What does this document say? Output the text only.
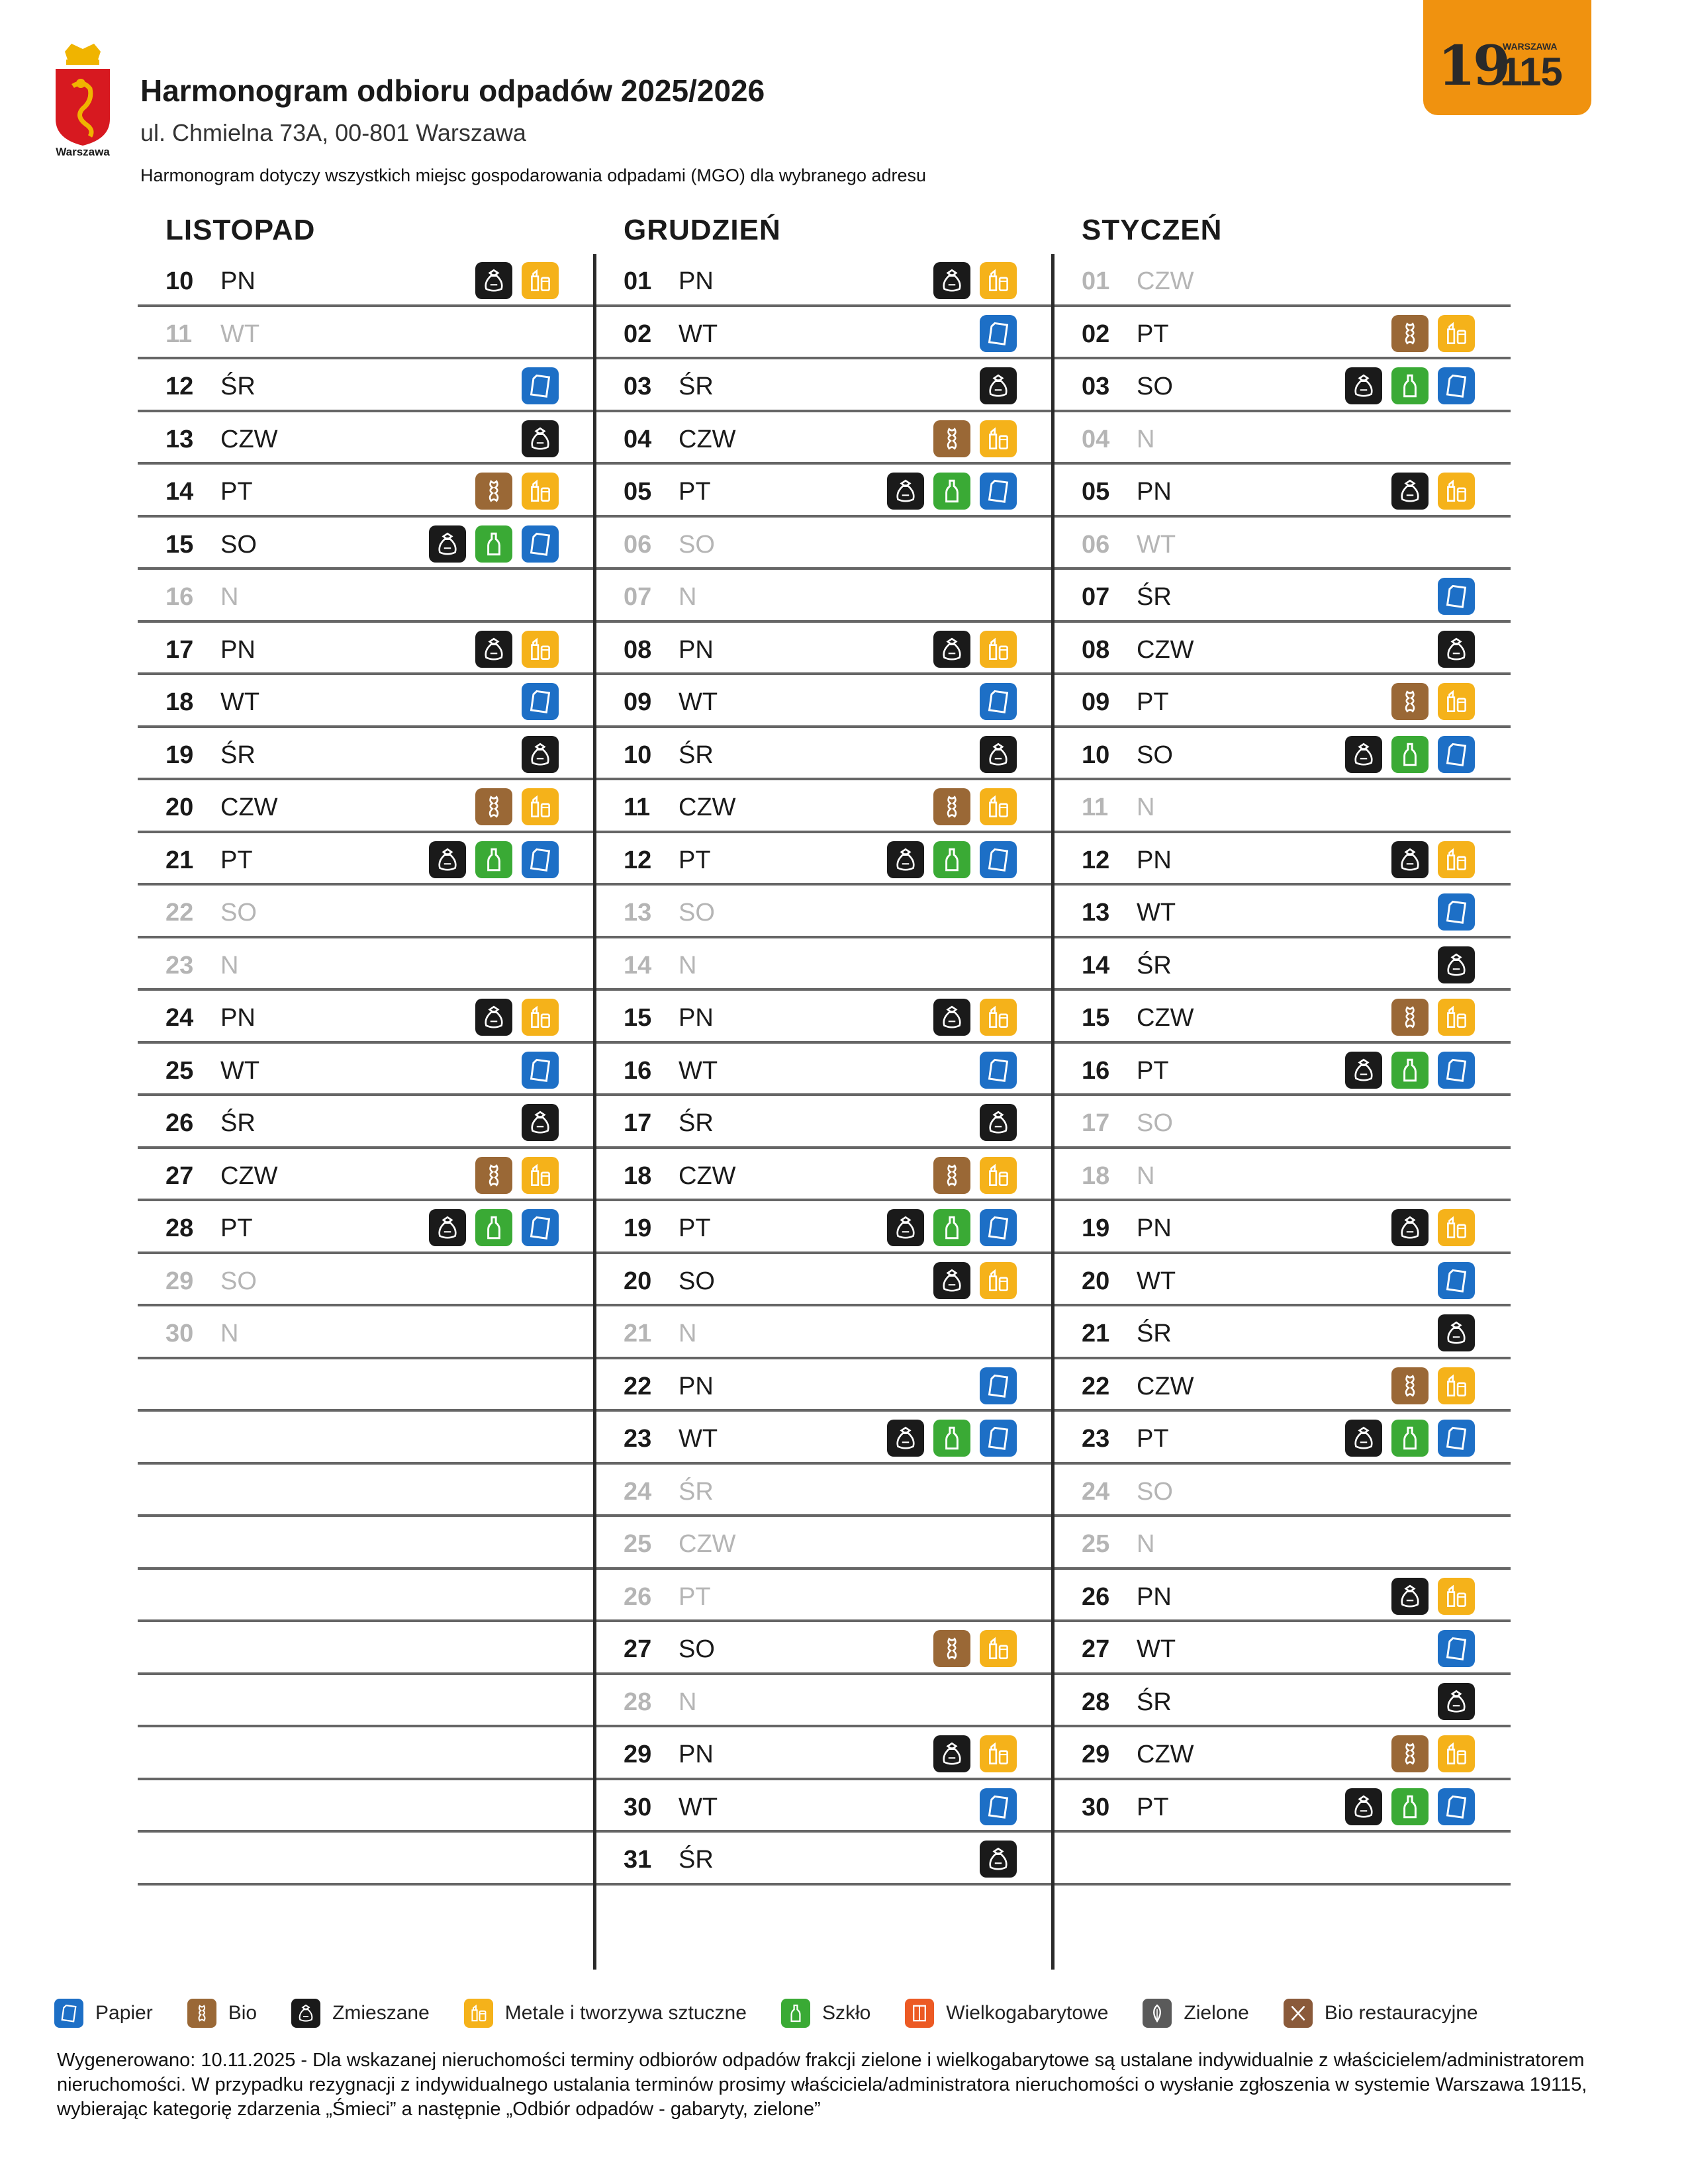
Warszawa
Harmonogram odbioru odpadów 2025/2026
ul. Chmielna 73A, 00-801 Warszawa
Harmonogram dotyczy wszystkich miejsc gospodarowania odpadami (MGO) dla wybranego adresu
19
WARSZAWA
115
LISTOPAD
10 PN
11 WT
12 ŚR
13 CZW
14 PT
15 SO
16 N
17 PN
18 WT
19 ŚR
20 CZW
21 PT
22 SO
23 N
24 PN
25 WT
26 ŚR
27 CZW
28 PT
29 SO
30 N
GRUDZIEŃ
01 PN
02 WT
03 ŚR
04 CZW
05 PT
06 SO
07 N
08 PN
09 WT
10 ŚR
11 CZW
12 PT
13 SO
14 N
15 PN
16 WT
17 ŚR
18 CZW
19 PT
20 SO
21 N
22 PN
23 WT
24 ŚR
25 CZW
26 PT
27 SO
28 N
29 PN
30 WT
31 ŚR
STYCZEŃ
01 CZW
02 PT
03 SO
04 N
05 PN
06 WT
07 ŚR
08 CZW
09 PT
10 SO
11 N
12 PN
13 WT
14 ŚR
15 CZW
16 PT
17 SO
18 N
19 PN
20 WT
21 ŚR
22 CZW
23 PT
24 SO
25 N
26 PN
27 WT
28 ŚR
29 CZW
30 PT
Papier	Bio	Zmieszane	Metale i tworzywa sztuczne	Szkło	Wielkogabarytowe	Zielone	Bio restauracyjne
Wygenerowano: 10.11.2025 - Dla wskazanej nieruchomości terminy odbiorów odpadów frakcji zielone i wielkogabarytowe są ustalane indywidualnie z właścicielem/administratorem nieruchomości. W przypadku rezygnacji z indywidualnego ustalania terminów prosimy właściciela/administratora nieruchomości o wysłanie zgłoszenia w systemie Warszawa 19115, wybierając kategorię zdarzenia „Śmieci” a następnie „Odbiór odpadów - gabaryty, zielone”
